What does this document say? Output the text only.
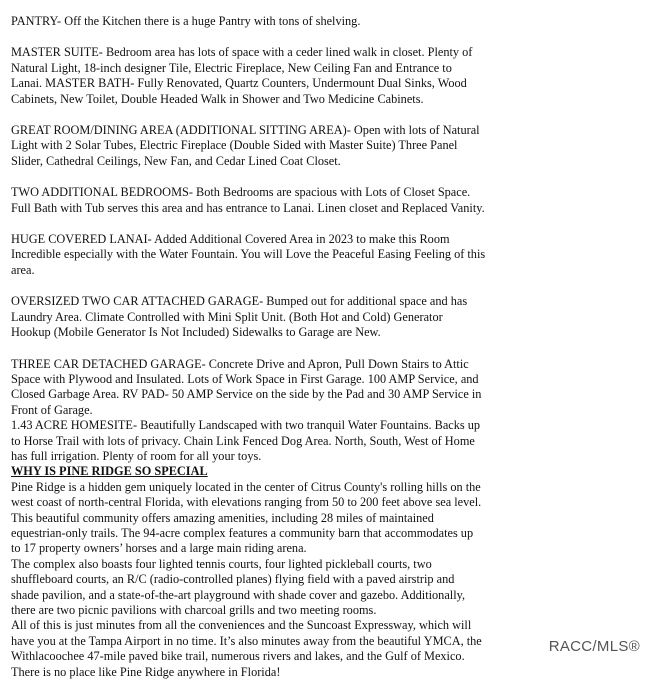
PANTRY- Off the Kitchen there is a huge Pantry with tons of shelving.
MASTER SUITE- Bedroom area has lots of space with a ceder lined walk in closet. Plenty of
Natural Light, 18-inch designer Tile, Electric Fireplace, New Ceiling Fan and Entrance to
Lanai. MASTER BATH- Fully Renovated, Quartz Counters, Undermount Dual Sinks, Wood
Cabinets, New Toilet, Double Headed Walk in Shower and Two Medicine Cabinets.
GREAT ROOM/DINING AREA (ADDITIONAL SITTING AREA)- Open with lots of Natural
Light with 2 Solar Tubes, Electric Fireplace (Double Sided with Master Suite) Three Panel
Slider, Cathedral Ceilings, New Fan, and Cedar Lined Coat Closet.
TWO ADDITIONAL BEDROOMS- Both Bedrooms are spacious with Lots of Closet Space.
Full Bath with Tub serves this area and has entrance to Lanai. Linen closet and Replaced Vanity.
HUGE COVERED LANAI- Added Additional Covered Area in 2023 to make this Room
Incredible especially with the Water Fountain. You will Love the Peaceful Easing Feeling of this
area.
OVERSIZED TWO CAR ATTACHED GARAGE- Bumped out for additional space and has
Laundry Area. Climate Controlled with Mini Split Unit. (Both Hot and Cold) Generator
Hookup (Mobile Generator Is Not Included) Sidewalks to Garage are New.
THREE CAR DETACHED GARAGE- Concrete Drive and Apron, Pull Down Stairs to Attic
Space with Plywood and Insulated. Lots of Work Space in First Garage. 100 AMP Service, and
Closed Garbage Area. RV PAD- 50 AMP Service on the side by the Pad and 30 AMP Service in
Front of Garage.
1.43 ACRE HOMESITE- Beautifully Landscaped with two tranquil Water Fountains. Backs up
to Horse Trail with lots of privacy. Chain Link Fenced Dog Area. North, South, West of Home
has full irrigation. Plenty of room for all your toys.
WHY IS PINE RIDGE SO SPECIAL
Pine Ridge is a hidden gem uniquely located in the center of Citrus County's rolling hills on the
west coast of north-central Florida, with elevations ranging from 50 to 200 feet above sea level.
This beautiful community offers amazing amenities, including 28 miles of maintained
equestrian-only trails. The 94-acre complex features a community barn that accommodates up
to 17 property owners’ horses and a large main riding arena.
The complex also boasts four lighted tennis courts, four lighted pickleball courts, two
shuffleboard courts, an R/C (radio-controlled planes) flying field with a paved airstrip and
shade pavilion, and a state-of-the-art playground with shade cover and gazebo. Additionally,
there are two picnic pavilions with charcoal grills and two meeting rooms.
All of this is just minutes from all the conveniences and the Suncoast Expressway, which will
have you at the Tampa Airport in no time. It’s also minutes away from the beautiful YMCA, the
Withlacoochee 47-mile paved bike trail, numerous rivers and lakes, and the Gulf of Mexico.
There is no place like Pine Ridge anywhere in Florida!
RACC/MLS®
